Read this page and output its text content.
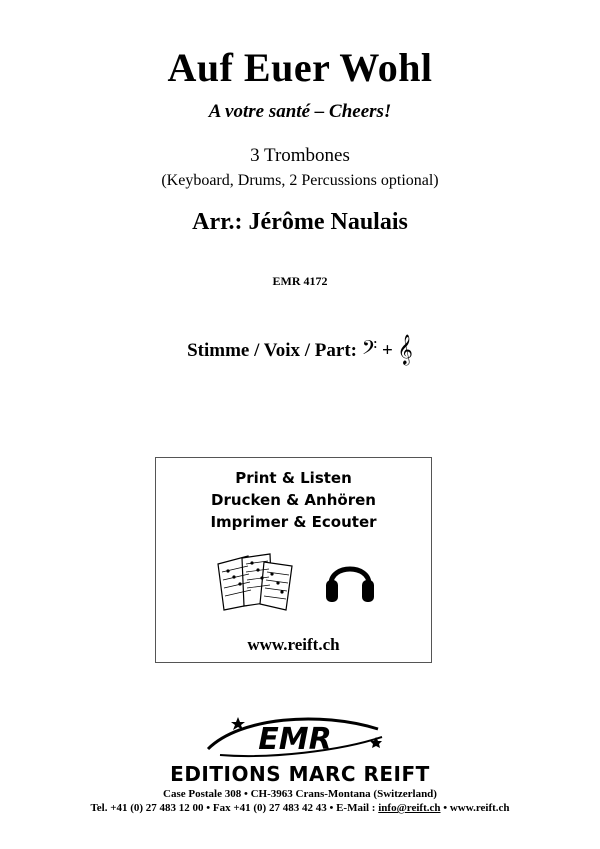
Auf Euer Wohl
A votre santé – Cheers!
3 Trombones
(Keyboard, Drums, 2 Percussions optional)
Arr.: Jérôme Naulais
EMR 4172
Stimme / Voix / Part: 𝄢 + 𝄞
Print & Listen
Drucken & Anhören
Imprimer & Ecouter
www.reift.ch
EMR
EDITIONS MARC REIFT
Case Postale 308 • CH-3963 Crans-Montana (Switzerland)
Tel. +41 (0) 27 483 12 00 • Fax +41 (0) 27 483 42 43 • E-Mail : info@reift.ch • www.reift.ch
